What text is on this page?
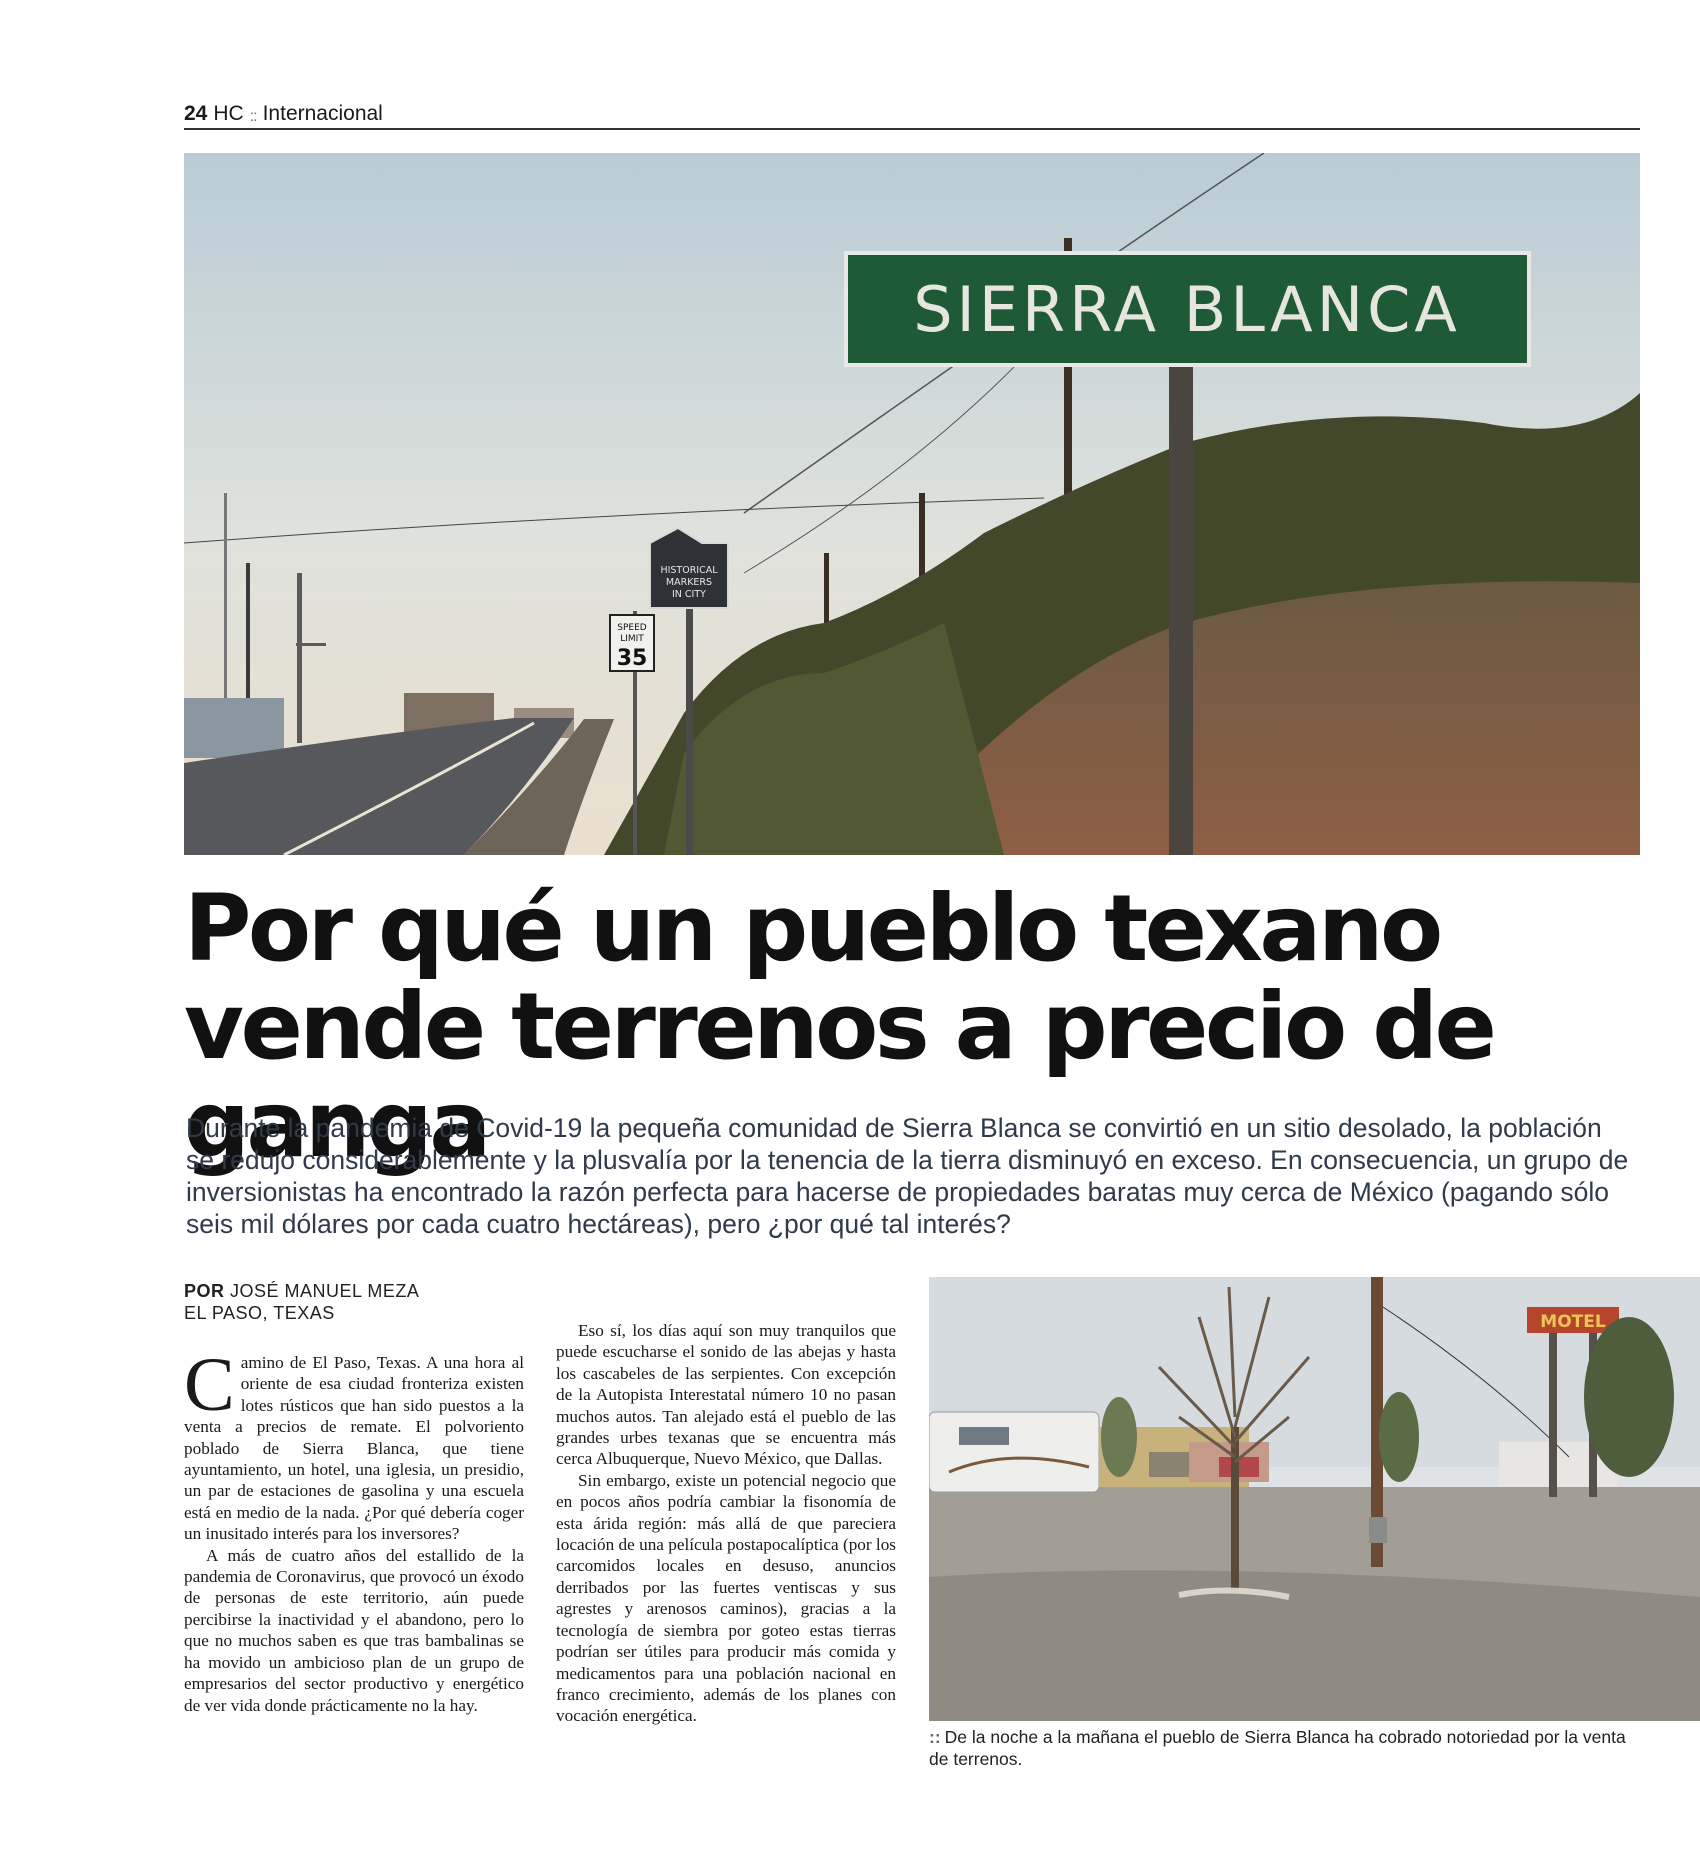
24 HC :: Internacional
SPEED
LIMIT
35
HISTORICAL
MARKERS
IN CITY
SIERRA BLANCA
Por qué un pueblo texano vende terrenos a precio de ganga

Durante la pandemia de Covid-19 la pequeña comunidad de Sierra Blanca se convirtió en un sitio desolado, la población se redujo considerablemente y la plusvalía por la tenencia de la tierra disminuyó en exceso. En consecuencia, un grupo de inversionistas ha encontrado la razón perfecta para hacerse de propiedades baratas muy cerca de México (pagando sólo seis mil dólares por cada cuatro hectáreas), pero ¿por qué tal interés?

POR JOSÉ MANUEL MEZA
EL PASO, TEXAS

Camino de El Paso, Texas. A una hora al oriente de esa ciudad fronteriza existen lotes rústicos que han sido puestos a la venta a precios de remate. El polvoriento poblado de Sierra Blanca, que tiene ayuntamiento, un hotel, una iglesia, un presidio, un par de estaciones de gasolina y una escuela está en medio de la nada. ¿Por qué debería coger un inusitado interés para los inversores?

A más de cuatro años del estallido de la pandemia de Coronavirus, que provocó un éxodo de personas de este territorio, aún puede percibirse la inactividad y el abandono, pero lo que no muchos saben es que tras bambalinas se ha movido un ambicioso plan de un grupo de empresarios del sector productivo y energético de ver vida donde prácticamente no la hay.

Eso sí, los días aquí son muy tranquilos que puede escucharse el sonido de las abejas y hasta los cascabeles de las serpientes. Con excepción de la Autopista Interestatal número 10 no pasan muchos autos. Tan alejado está el pueblo de las grandes urbes texanas que se encuentra más cerca Albuquerque, Nuevo México, que Dallas.

Sin embargo, existe un potencial negocio que en pocos años podría cambiar la fisonomía de esta árida región: más allá de que pareciera locación de una película postapocalíptica (por los carcomidos locales en desuso, anuncios derribados por las fuertes ventiscas y sus agrestes y arenosos caminos), gracias a la tecnología de siembra por goteo estas tierras podrían ser útiles para producir más comida y medicamentos para una población nacional en franco crecimiento, además de los planes con vocación energética.

MOTEL
:: De la noche a la mañana el pueblo de Sierra Blanca ha cobrado notoriedad por la venta de terrenos.
